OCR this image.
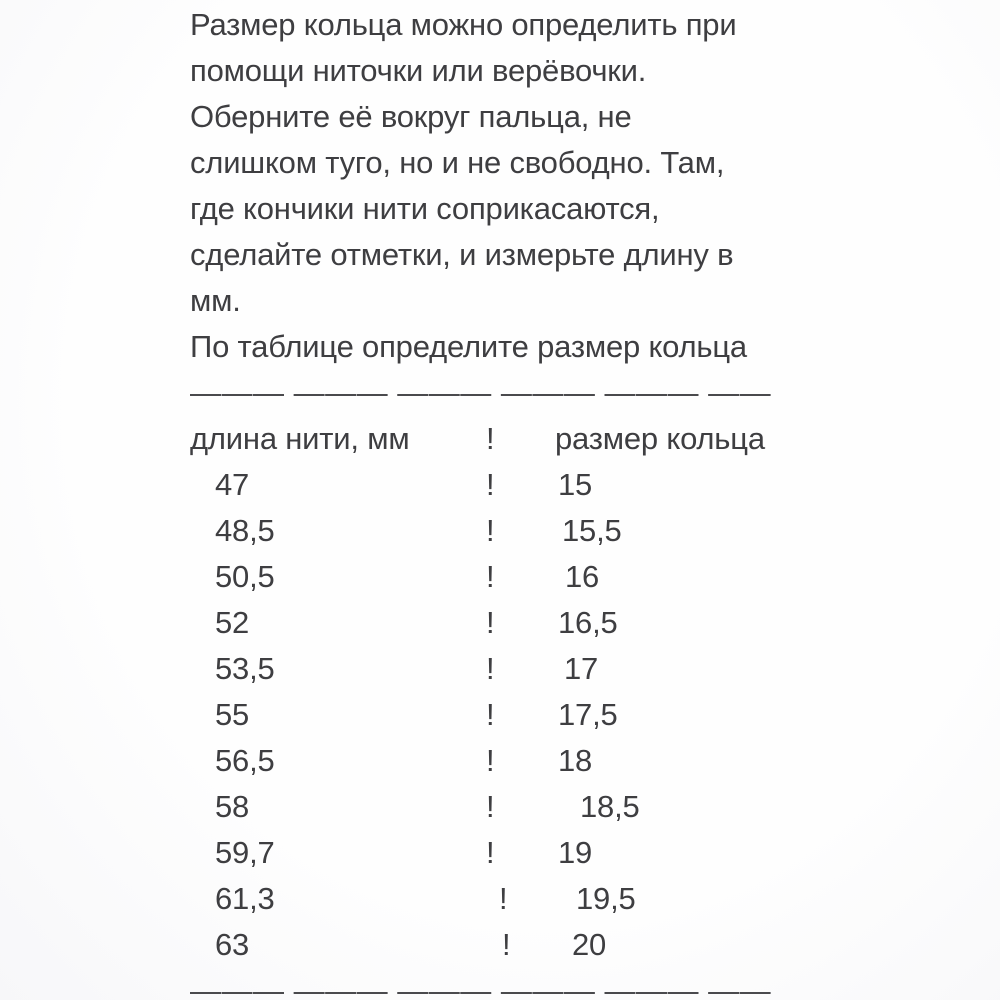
Размер кольца можно определить при
помощи ниточки или верёвочки.
Оберните её вокруг пальца, не
слишком туго, но и не свободно. Там,
где кончики нити соприкасаются,
сделайте отметки, и измерьте длину в
мм.
По таблице определите размер кольца
——— ——— ——— ——— ——— ——
длина нити, мм ! размер кольца
47	! 15
48,5	! 15,5
50,5	! 16
52	! 16,5
53,5	! 17
55	! 17,5
56,5	! 18
58	!	18,5
59,7	! 19
61,3	! 19,5
63	! 20
——— ——— ——— ——— ——— ——
